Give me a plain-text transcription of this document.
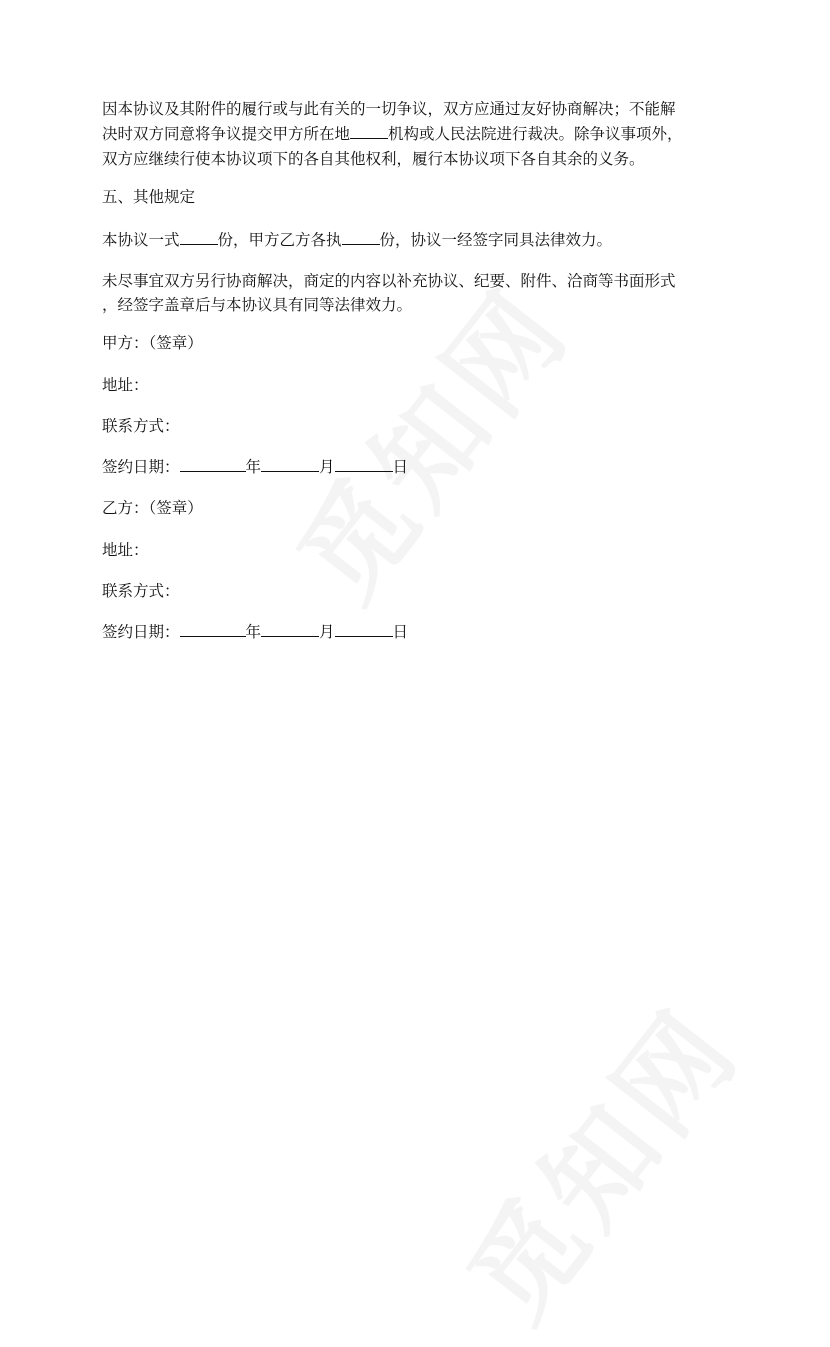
因本协议及其附件的履行或与此有关的一切争议，双方应通过友好协商解决；不能解
决时双方同意将争议提交甲方所在地 机构或人民法院进行裁决。除争议事项外，
双方应继续行使本协议项下的各自其他权利，履行本协议项下各自其余的义务。
五、其他规定
本协议一式 份，甲方乙方各执 份，协议一经签字同具法律效力。
未尽事宜双方另行协商解决，商定的内容以补充协议、纪要、附件、洽商等书面形式
，经签字盖章后与本协议具有同等法律效力。
甲方：（签章）
地址：
联系方式：
签约日期：	年	月	日
乙方：（签章）
地址：
联系方式：
签约日期：	年	月	日
